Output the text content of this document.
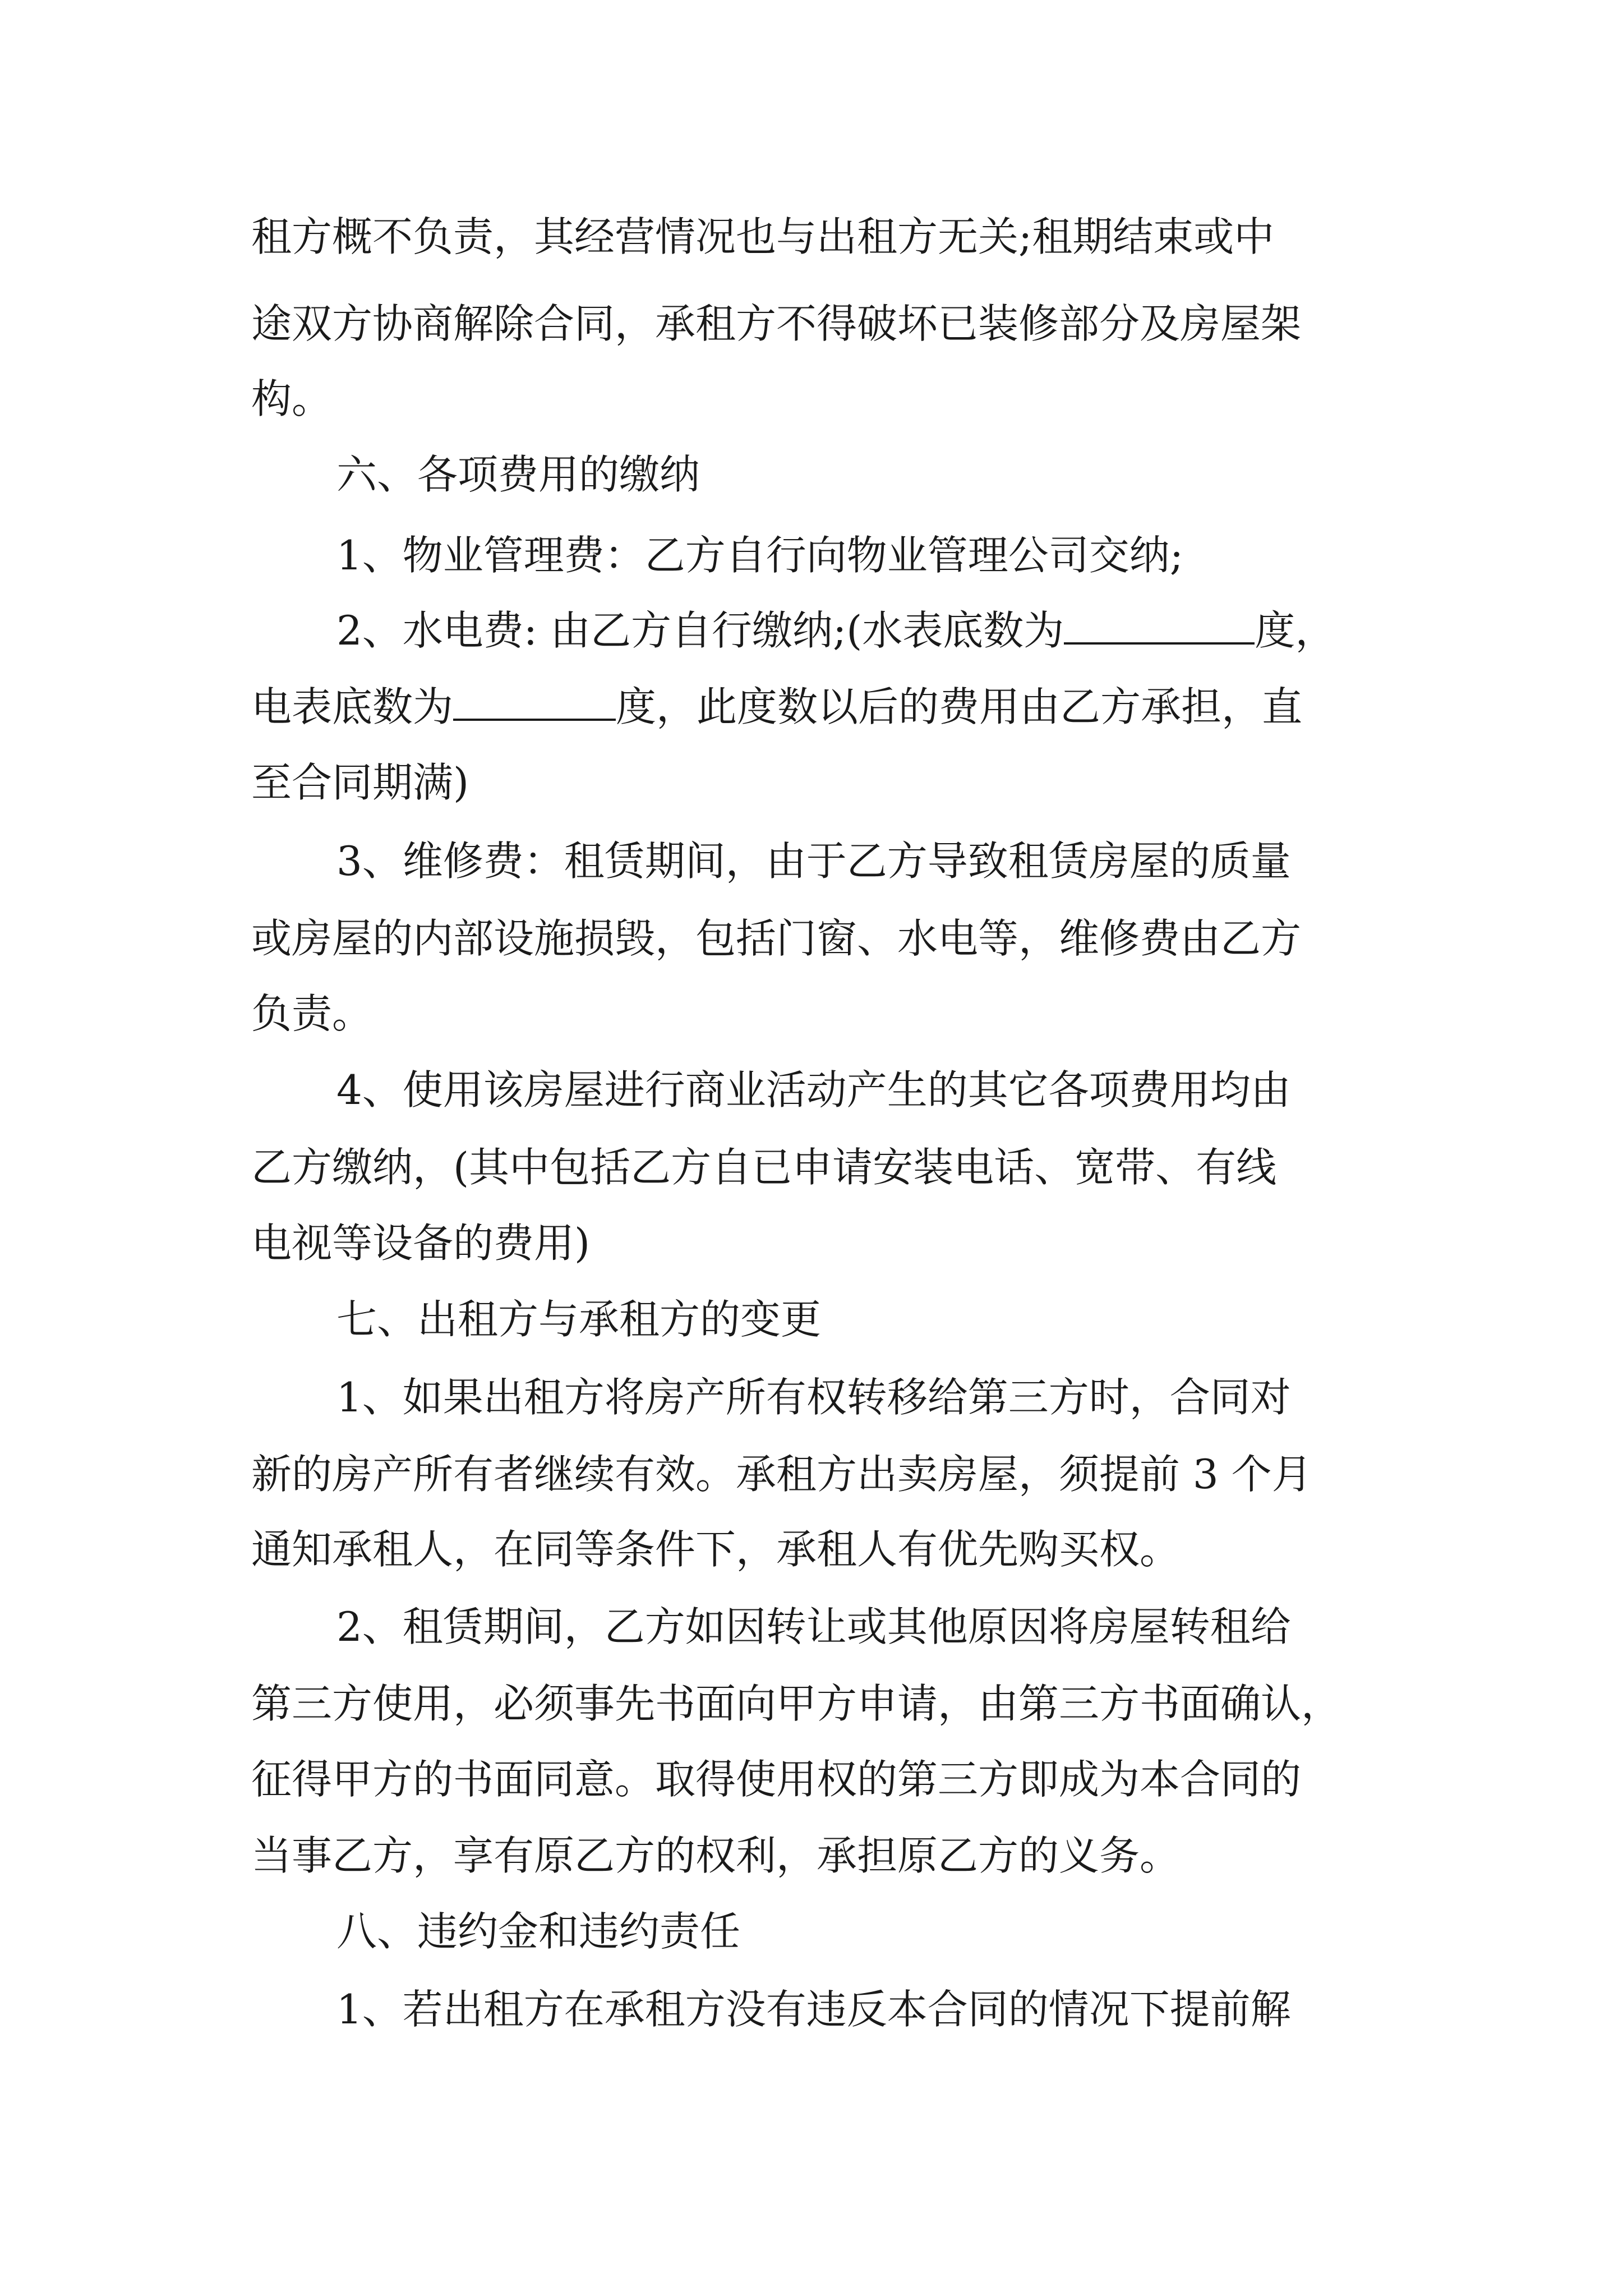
租方概不负责，其经营情况也与出租方无关;租期结束或中
途双方协商解除合同，承租方不得破坏已装修部分及房屋架
构。
六、各项费用的缴纳
1、物业管理费：乙方自行向物业管理公司交纳;
2、水电费: 由乙方自行缴纳;(水表底数为	度，
电表底数为	度，此度数以后的费用由乙方承担，直
至合同期满)
3、维修费：租赁期间，由于乙方导致租赁房屋的质量
或房屋的内部设施损毁，包括门窗、水电等，维修费由乙方
负责。
4、使用该房屋进行商业活动产生的其它各项费用均由
乙方缴纳，(其中包括乙方自已申请安装电话、宽带、有线
电视等设备的费用)
七、出租方与承租方的变更
1、如果出租方将房产所有权转移给第三方时，合同对
新的房产所有者继续有效。承租方出卖房屋，须提前 3 个月
通知承租人，在同等条件下，承租人有优先购买权。
2、租赁期间，乙方如因转让或其他原因将房屋转租给
第三方使用，必须事先书面向甲方申请，由第三方书面确认，
征得甲方的书面同意。取得使用权的第三方即成为本合同的
当事乙方，享有原乙方的权利，承担原乙方的义务。
八、违约金和违约责任
1、若出租方在承租方没有违反本合同的情况下提前解
